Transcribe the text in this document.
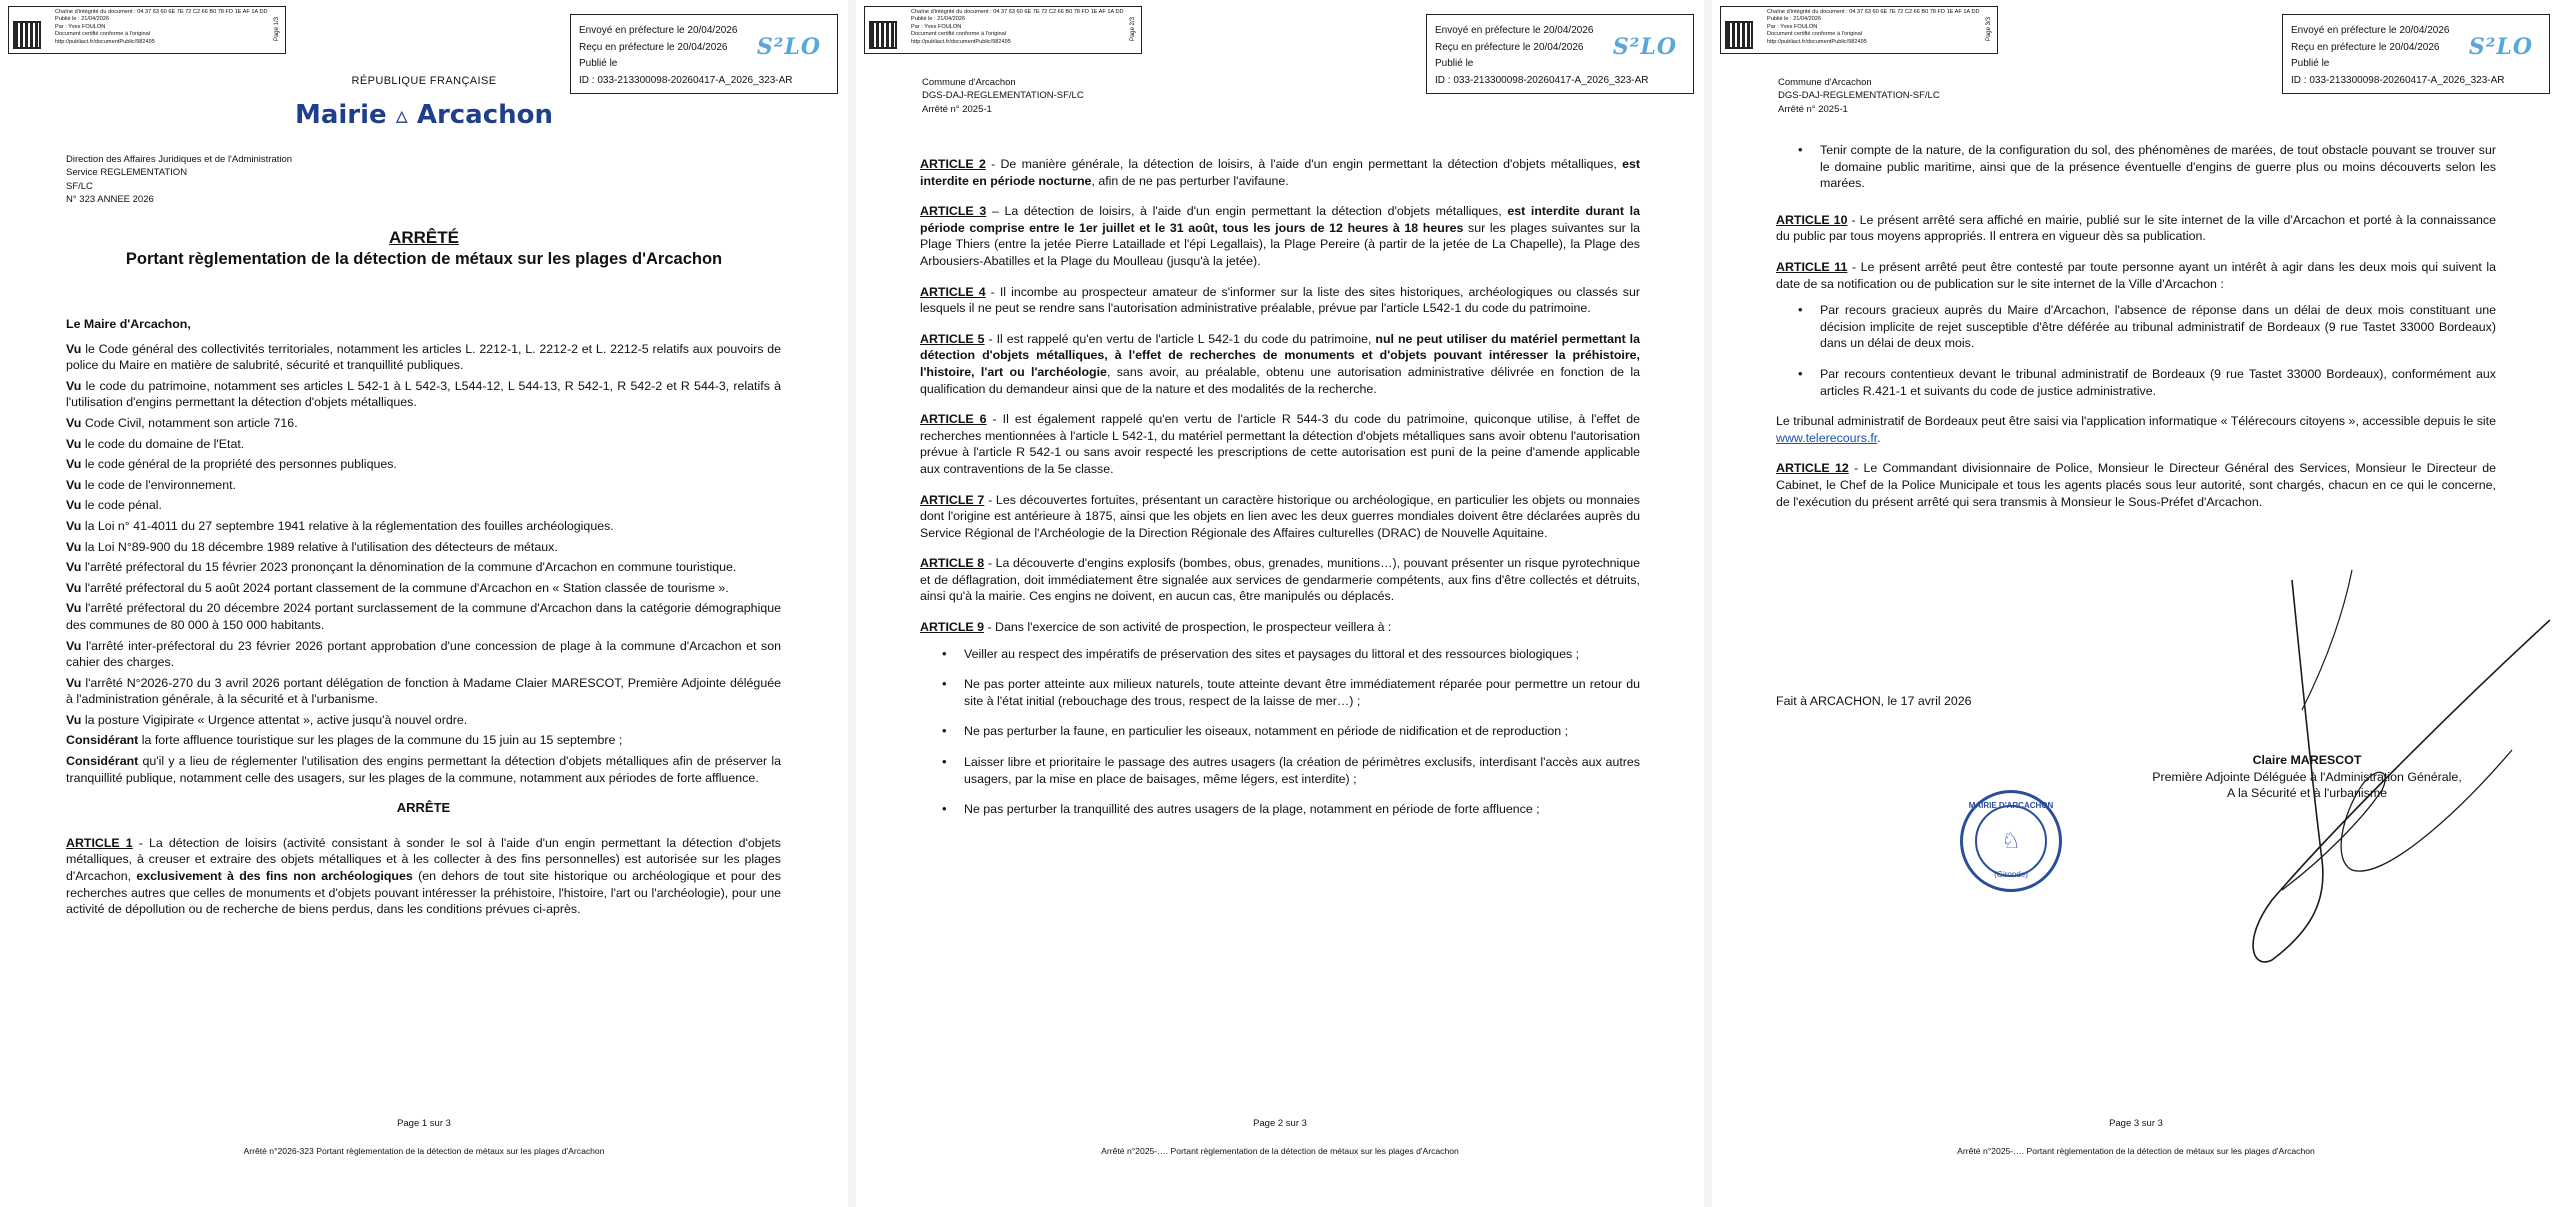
Chaîne d'intégrité du document : 04 37 63 60 6E 7E 72 C2 66 B0 78 FD 1E AF 1A DD
Publié le : 21/04/2026
Par : Yves FOULON
Document certifié conforme à l'original
http://publiact.fr/documentPublic/982495
Page 1/3	Envoyé en préfecture le 20/04/2026
Reçu en préfecture le 20/04/2026
Publié le
ID : 033-213300098-20260417-A_2026_323-AR
S²LO
RÉPUBLIQUE FRANÇAISE
Mairie ▵ Arcachon
Direction des Affaires Juridiques et de l'Administration
Service REGLEMENTATION
SF/LC
N° 323 ANNEE 2026
ARRÊTÉ
Portant règlementation de la détection de métaux sur les plages d'Arcachon

Le Maire d'Arcachon,

Vu le Code général des collectivités territoriales, notamment les articles L. 2212-1, L. 2212-2 et L. 2212-5 relatifs aux pouvoirs de police du Maire en matière de salubrité, sécurité et tranquillité publiques.

Vu le code du patrimoine, notamment ses articles L 542-1 à L 542-3, L544-12, L 544-13, R 542-1, R 542-2 et R 544-3, relatifs à l'utilisation d'engins permettant la détection d'objets métalliques.

Vu Code Civil, notamment son article 716.

Vu le code du domaine de l'Etat.

Vu le code général de la propriété des personnes publiques.

Vu le code de l'environnement.

Vu le code pénal.

Vu la Loi n° 41-4011 du 27 septembre 1941 relative à la réglementation des fouilles archéologiques.

Vu la Loi N°89-900 du 18 décembre 1989 relative à l'utilisation des détecteurs de métaux.

Vu l'arrêté préfectoral du 15 février 2023 prononçant la dénomination de la commune d'Arcachon en commune touristique.

Vu l'arrêté préfectoral du 5 août 2024 portant classement de la commune d'Arcachon en « Station classée de tourisme ».

Vu l'arrêté préfectoral du 20 décembre 2024 portant surclassement de la commune d'Arcachon dans la catégorie démographique des communes de 80 000 à 150 000 habitants.

Vu l'arrêté inter-préfectoral du 23 février 2026 portant approbation d'une concession de plage à la commune d'Arcachon et son cahier des charges.

Vu l'arrêté N°2026-270 du 3 avril 2026 portant délégation de fonction à Madame Claier MARESCOT, Première Adjointe déléguée à l'administration générale, à la sécurité et à l'urbanisme.

Vu la posture Vigipirate « Urgence attentat », active jusqu'à nouvel ordre.

Considérant la forte affluence touristique sur les plages de la commune du 15 juin au 15 septembre ;

Considérant qu'il y a lieu de réglementer l'utilisation des engins permettant la détection d'objets métalliques afin de préserver la tranquillité publique, notamment celle des usagers, sur les plages de la commune, notamment aux périodes de forte affluence.

ARRÊTE

ARTICLE 1 - La détection de loisirs (activité consistant à sonder le sol à l'aide d'un engin permettant la détection d'objets métalliques, à creuser et extraire des objets métalliques et à les collecter à des fins personnelles) est autorisée sur les plages d'Arcachon, exclusivement à des fins non archéologiques (en dehors de tout site historique ou archéologique et pour des recherches autres que celles de monuments et d'objets pouvant intéresser la préhistoire, l'histoire, l'art ou l'archéologie), pour une activité de dépollution ou de recherche de biens perdus, dans les conditions prévues ci-après.

Page 1 sur 3
Arrêté n°2026-323 Portant règlementation de la détection de métaux sur les plages d'Arcachon
Chaîne d'intégrité du document : 04 37 63 60 6E 7E 72 C2 66 B0 78 FD 1E AF 1A DD
Publié le : 21/04/2026
Par : Yves FOULON
Document certifié conforme à l'original
http://publiact.fr/documentPublic/982495
Page 2/3	Envoyé en préfecture le 20/04/2026
Reçu en préfecture le 20/04/2026
Publié le
ID : 033-213300098-20260417-A_2026_323-AR
S²LO
Commune d'Arcachon
DGS-DAJ-REGLEMENTATION-SF/LC
Arrêté n° 2025-1

ARTICLE 2 - De manière générale, la détection de loisirs, à l'aide d'un engin permettant la détection d'objets métalliques, est interdite en période nocturne, afin de ne pas perturber l'avifaune.

ARTICLE 3 – La détection de loisirs, à l'aide d'un engin permettant la détection d'objets métalliques, est interdite durant la période comprise entre le 1er juillet et le 31 août, tous les jours de 12 heures à 18 heures sur les plages suivantes sur la Plage Thiers (entre la jetée Pierre Lataillade et l'épi Legallais), la Plage Pereire (à partir de la jetée de La Chapelle), la Plage des Arbousiers-Abatilles et la Plage du Moulleau (jusqu'à la jetée).

ARTICLE 4 - Il incombe au prospecteur amateur de s'informer sur la liste des sites historiques, archéologiques ou classés sur lesquels il ne peut se rendre sans l'autorisation administrative préalable, prévue par l'article L542-1 du code du patrimoine.

ARTICLE 5 - Il est rappelé qu'en vertu de l'article L 542-1 du code du patrimoine, nul ne peut utiliser du matériel permettant la détection d'objets métalliques, à l'effet de recherches de monuments et d'objets pouvant intéresser la préhistoire, l'histoire, l'art ou l'archéologie, sans avoir, au préalable, obtenu une autorisation administrative délivrée en fonction de la qualification du demandeur ainsi que de la nature et des modalités de la recherche.

ARTICLE 6 - Il est également rappelé qu'en vertu de l'article R 544-3 du code du patrimoine, quiconque utilise, à l'effet de recherches mentionnées à l'article L 542-1, du matériel permettant la détection d'objets métalliques sans avoir obtenu l'autorisation prévue à l'article R 542-1 ou sans avoir respecté les prescriptions de cette autorisation est puni de la peine d'amende applicable aux contraventions de la 5e classe.

ARTICLE 7 - Les découvertes fortuites, présentant un caractère historique ou archéologique, en particulier les objets ou monnaies dont l'origine est antérieure à 1875, ainsi que les objets en lien avec les deux guerres mondiales doivent être déclarées auprès du Service Régional de l'Archéologie de la Direction Régionale des Affaires culturelles (DRAC) de Nouvelle Aquitaine.

ARTICLE 8 - La découverte d'engins explosifs (bombes, obus, grenades, munitions…), pouvant présenter un risque pyrotechnique et de déflagration, doit immédiatement être signalée aux services de gendarmerie compétents, aux fins d'être collectés et détruits, ainsi qu'à la mairie. Ces engins ne doivent, en aucun cas, être manipulés ou déplacés.

ARTICLE 9 - Dans l'exercice de son activité de prospection, le prospecteur veillera à :

• Veiller au respect des impératifs de préservation des sites et paysages du littoral et des ressources biologiques ;
• Ne pas porter atteinte aux milieux naturels, toute atteinte devant être immédiatement réparée pour permettre un retour du site à l'état initial (rebouchage des trous, respect de la laisse de mer…) ;
• Ne pas perturber la faune, en particulier les oiseaux, notamment en période de nidification et de reproduction ;
• Laisser libre et prioritaire le passage des autres usagers (la création de périmètres exclusifs, interdisant l'accès aux autres usagers, par la mise en place de baisages, même légers, est interdite) ;
• Ne pas perturber la tranquillité des autres usagers de la plage, notamment en période de forte affluence ;
Page 2 sur 3
Arrêté n°2025-…. Portant règlementation de la détection de métaux sur les plages d'Arcachon
Chaîne d'intégrité du document : 04 37 63 60 6E 7E 72 C2 66 B0 78 FD 1E AF 1A DD
Publié le : 21/04/2026
Par : Yves FOULON
Document certifié conforme à l'original
http://publiact.fr/documentPublic/982495
Page 3/3	Envoyé en préfecture le 20/04/2026
Reçu en préfecture le 20/04/2026
Publié le
ID : 033-213300098-20260417-A_2026_323-AR
S²LO
Commune d'Arcachon
DGS-DAJ-REGLEMENTATION-SF/LC
Arrêté n° 2025-1
• Tenir compte de la nature, de la configuration du sol, des phénomènes de marées, de tout obstacle pouvant se trouver sur le domaine public maritime, ainsi que de la présence éventuelle d'engins de guerre plus ou moins découverts selon les marées.

ARTICLE 10 - Le présent arrêté sera affiché en mairie, publié sur le site internet de la ville d'Arcachon et porté à la connaissance du public par tous moyens appropriés. Il entrera en vigueur dès sa publication.

ARTICLE 11 - Le présent arrêté peut être contesté par toute personne ayant un intérêt à agir dans les deux mois qui suivent la date de sa notification ou de publication sur le site internet de la Ville d'Arcachon :

• Par recours gracieux auprès du Maire d'Arcachon, l'absence de réponse dans un délai de deux mois constituant une décision implicite de rejet susceptible d'être déférée au tribunal administratif de Bordeaux (9 rue Tastet 33000 Bordeaux) dans un délai de deux mois.
• Par recours contentieux devant le tribunal administratif de Bordeaux (9 rue Tastet 33000 Bordeaux), conformément aux articles R.421-1 et suivants du code de justice administrative.

Le tribunal administratif de Bordeaux peut être saisi via l'application informatique « Télérecours citoyens », accessible depuis le site www.telerecours.fr.

ARTICLE 12 - Le Commandant divisionnaire de Police, Monsieur le Directeur Général des Services, Monsieur le Directeur de Cabinet, le Chef de la Police Municipale et tous les agents placés sous leur autorité, sont chargés, chacun en ce qui le concerne, de l'exécution du présent arrêté qui sera transmis à Monsieur le Sous-Préfet d'Arcachon.

Fait à ARCACHON, le 17 avril 2026
Claire MARESCOT
Première Adjointe Déléguée à l'Administration Générale,
A la Sécurité et à l'urbanisme
MAIRIE D'ARCACHON
♘
(Gironde)
Page 3 sur 3
Arrêté n°2025-…. Portant règlementation de la détection de métaux sur les plages d'Arcachon
